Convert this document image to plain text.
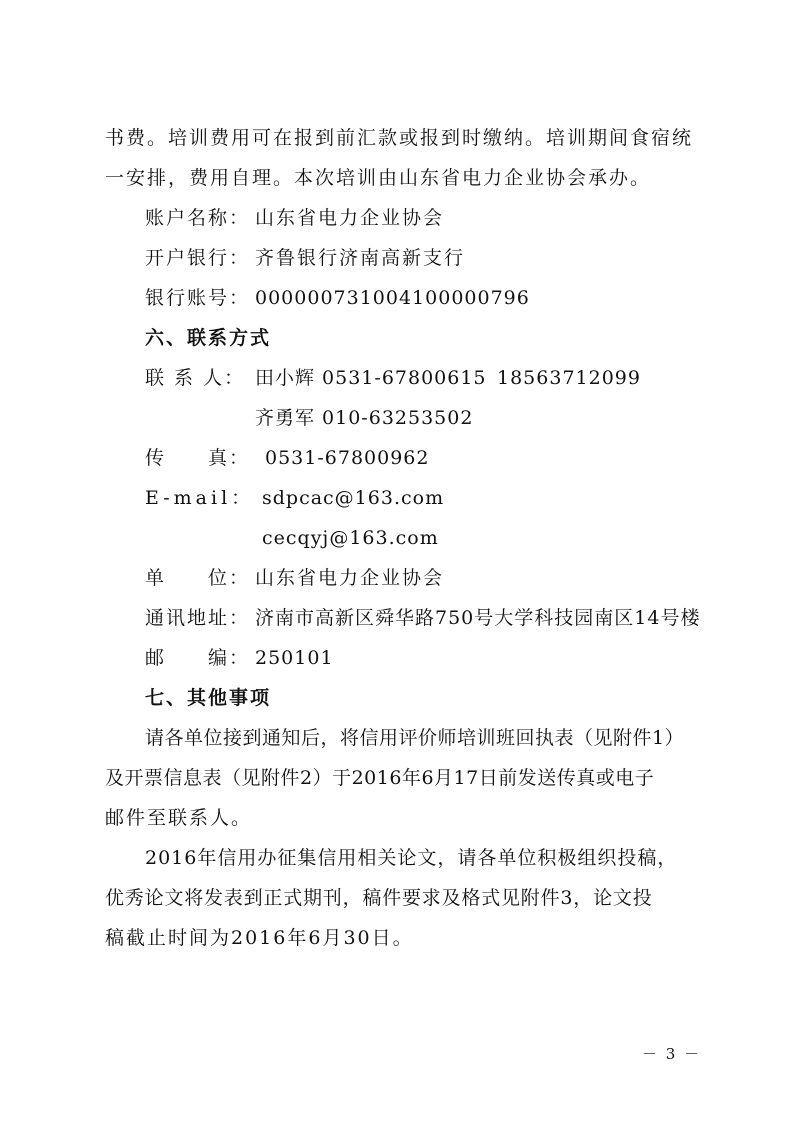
书费。培训费用可在报到前汇款或报到时缴纳。培训期间食宿统
一安排，费用自理。本次培训由山东省电力企业协会承办。
账户名称： 山东省电力企业协会
开户银行： 齐鲁银行济南高新支行
银行账号： 000000731004100000796
六、联系方式
联 系 人： 田小辉 0531-67800615 18563712099
齐勇军 010-63253502
传　　真： 0531-67800962
E-mail： sdpcac@163.com
cecqyj@163.com
单　　位： 山东省电力企业协会
通讯地址： 济南市高新区舜华路750号大学科技园南区14号楼
邮　　编： 250101
七、其他事项
请各单位接到通知后，将信用评价师培训班回执表（见附件1）
及开票信息表（见附件2）于2016年6月17日前发送传真或电子
邮件至联系人。
2016年信用办征集信用相关论文，请各单位积极组织投稿，
优秀论文将发表到正式期刊，稿件要求及格式见附件3，论文投
稿截止时间为2016年6月30日。
－ 3 －
